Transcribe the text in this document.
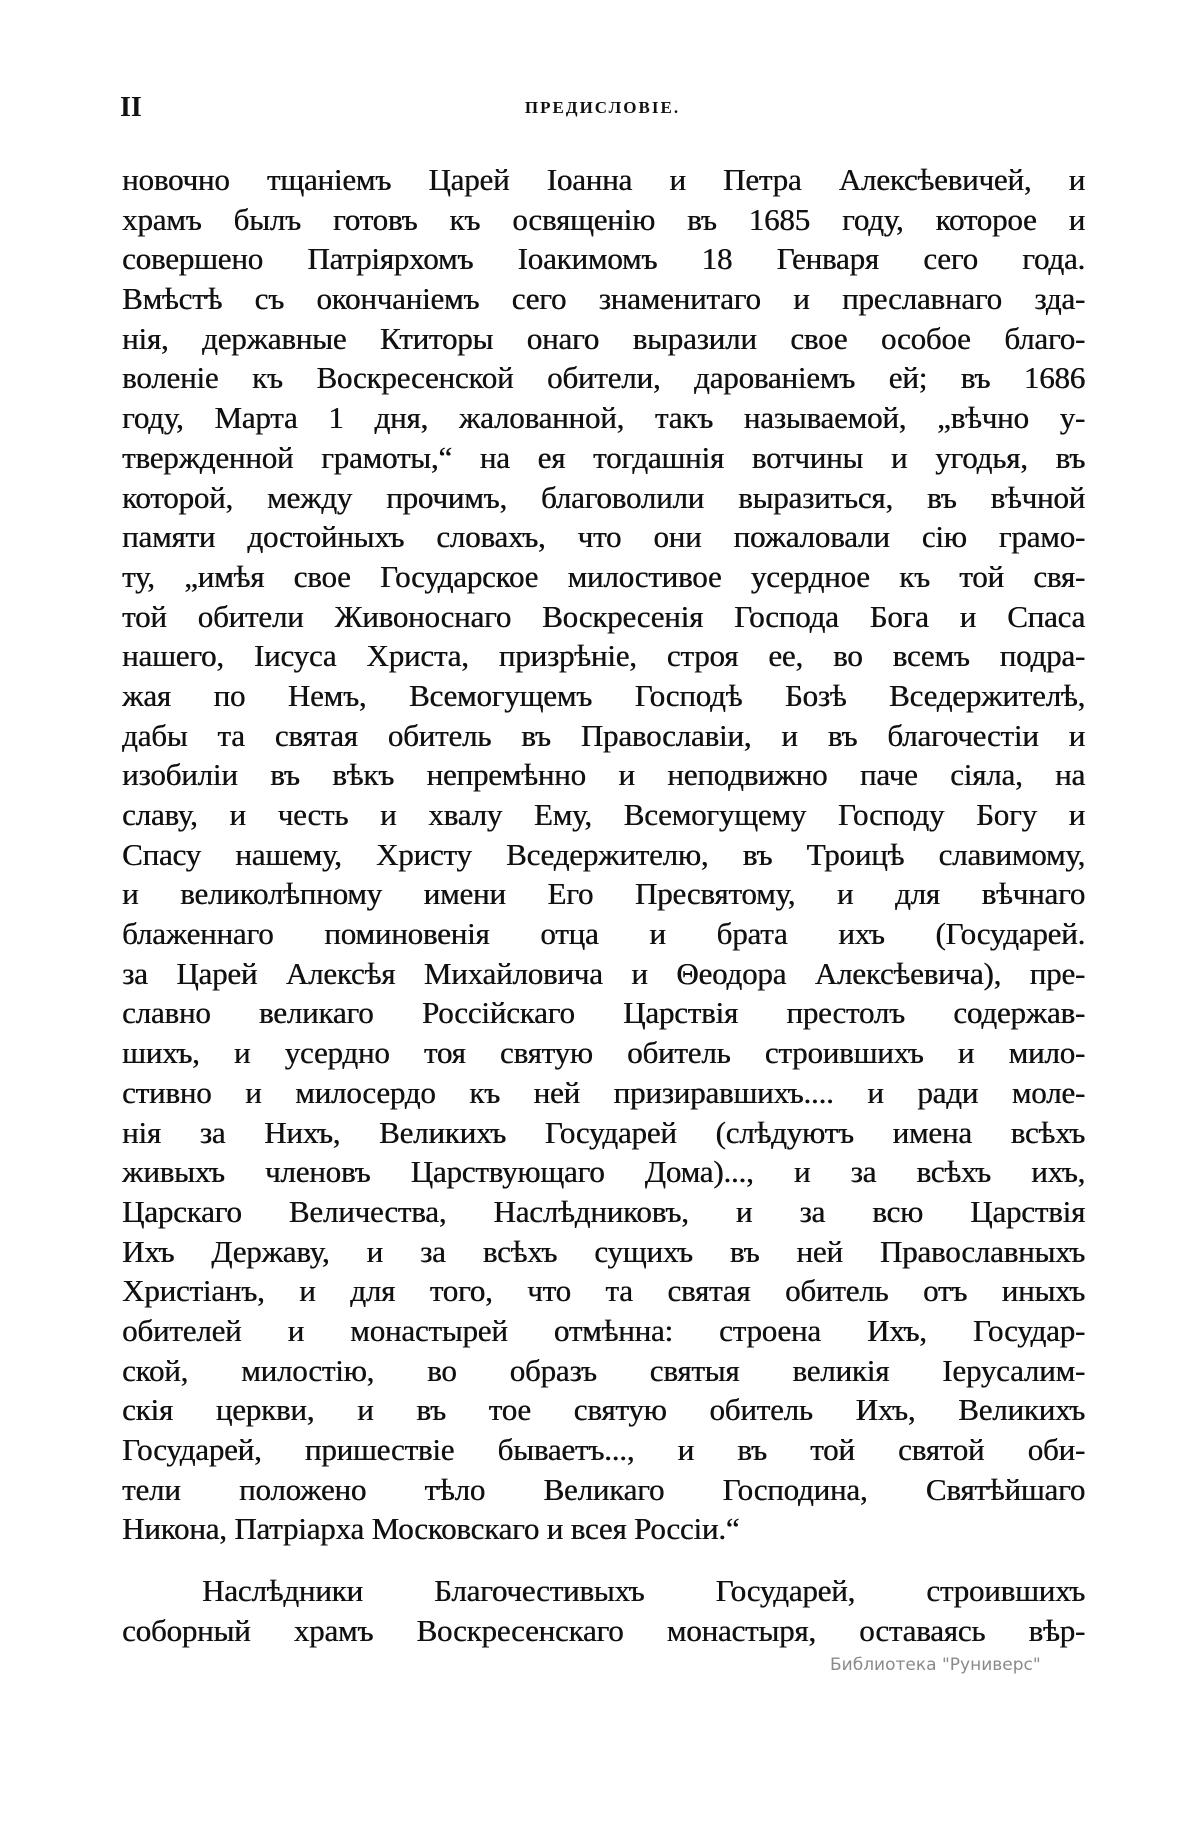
II	ПРЕДИСЛОВІЕ.
новочно тщаніемъ Царей Іоанна и Петра Алексѣевичей, и
храмъ былъ готовъ къ освященію въ 1685 году, которое и
совершено Патріярхомъ Іоакимомъ 18 Генваря сего года.
Вмѣстѣ съ окончаніемъ сего знаменитаго и преславнаго зда-
нія, державные Ктиторы онаго выразили свое особое благо-
воленіе къ Воскресенской обители, дарованіемъ ей; въ 1686
году, Марта 1 дня, жалованной, такъ называемой, „вѣчно у-
твержденной грамоты,“ на ея тогдашнія вотчины и угодья, въ
которой, между прочимъ, благоволили выразиться, въ вѣчной
памяти достойныхъ словахъ, что они пожаловали сію грамо-
ту, „имѣя свое Государское милостивое усердное къ той свя-
той обители Живоноснаго Воскресенія Господа Бога и Спаса
нашего, Іисуса Христа, призрѣніе, строя ее, во всемъ подра-
жая по Немъ, Всемогущемъ Господѣ Бозѣ Вседержителѣ,
дабы та святая обитель въ Православіи, и въ благочестіи и
изобиліи въ вѣкъ непремѣнно и неподвижно паче сіяла, на
славу, и честь и хвалу Ему, Всемогущему Господу Богу и
Спасу нашему, Христу Вседержителю, въ Троицѣ славимому,
и великолѣпному имени Его Пресвятому, и для вѣчнаго
блаженнаго поминовенія отца и брата ихъ (Государей.
за Царей Алексѣя Михайловича и Θеодора Алексѣевича), пре-
славно великаго Россійскаго Царствія престолъ содержав-
шихъ, и усердно тоя святую обитель строившихъ и мило-
стивно и милосердо къ ней призиравшихъ.... и ради моле-
нія за Нихъ, Великихъ Государей (слѣдуютъ имена всѣхъ
живыхъ членовъ Царствующаго Дома)..., и за всѣхъ ихъ,
Царскаго Величества, Наслѣдниковъ, и за всю Царствія
Ихъ Державу, и за всѣхъ сущихъ въ ней Православныхъ
Христіанъ, и для того, что та святая обитель отъ иныхъ
обителей и монастырей отмѣнна: строена Ихъ, Государ-
ской, милостію, во образъ святыя великія Іерусалим-
скія церкви, и въ тое святую обитель Ихъ, Великихъ
Государей, пришествіе бываетъ..., и въ той святой оби-
тели положено тѣло Великаго Господина, Святѣйшаго
Никона, Патріарха Московскаго и всея Россіи.“
Наслѣдники Благочестивыхъ Государей, строившихъ
соборный храмъ Воскресенскаго монастыря, оставаясь вѣр-
Библиотека "Руниверс"
